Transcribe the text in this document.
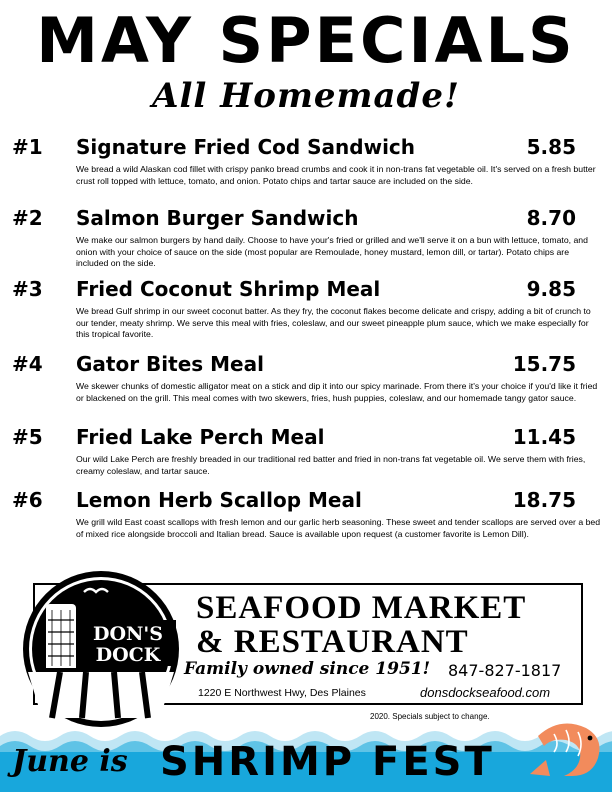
MAY SPECIALS
All Homemade!
#1 Signature Fried Cod Sandwich	5.85
We bread a wild Alaskan cod fillet with crispy panko bread crumbs and cook it in non-trans fat vegetable oil. It's served on a fresh butter crust roll topped with lettuce, tomato, and onion. Potato chips and tartar sauce are included on the side.
#2 Salmon Burger Sandwich	8.70
We make our salmon burgers by hand daily. Choose to have your's fried or grilled and we'll serve it on a bun with lettuce, tomato, and onion with your choice of sauce on the side (most popular are Remoulade, honey mustard, lemon dill, or tartar). Potato chips are included on the side.
#3 Fried Coconut Shrimp Meal	9.85
We bread Gulf shrimp in our sweet coconut batter. As they fry, the coconut flakes become delicate and crispy, adding a bit of crunch to our tender, meaty shrimp. We serve this meal with fries, coleslaw, and our sweet pineapple plum sauce, which we make especially for this tropical favorite.
#4 Gator Bites Meal	15.75
We skewer chunks of domestic alligator meat on a stick and dip it into our spicy marinade. From there it's your choice if you'd like it fried or blackened on the grill. This meal comes with two skewers, fries, hush puppies, coleslaw, and our homemade tangy gator sauce.
#5 Fried Lake Perch Meal	11.45
Our wild Lake Perch are freshly breaded in our traditional red batter and fried in non-trans fat vegetable oil. We serve them with fries, creamy coleslaw, and tartar sauce.
#6 Lemon Herb Scallop Meal	18.75
We grill wild East coast scallops with fresh lemon and our garlic herb seasoning. These sweet and tender scallops are served over a bed of mixed rice alongside broccoli and Italian bread. Sauce is available upon request (a customer favorite is Lemon Dill).
DON'S
DOCK
SEAFOOD MARKET
& RESTAURANT
Family owned since 1951! 847-827-1817
1220 E Northwest Hwy, Des Plaines	donsdockseafood.com
2020. Specials subject to change.
June is SHRIMP FEST
